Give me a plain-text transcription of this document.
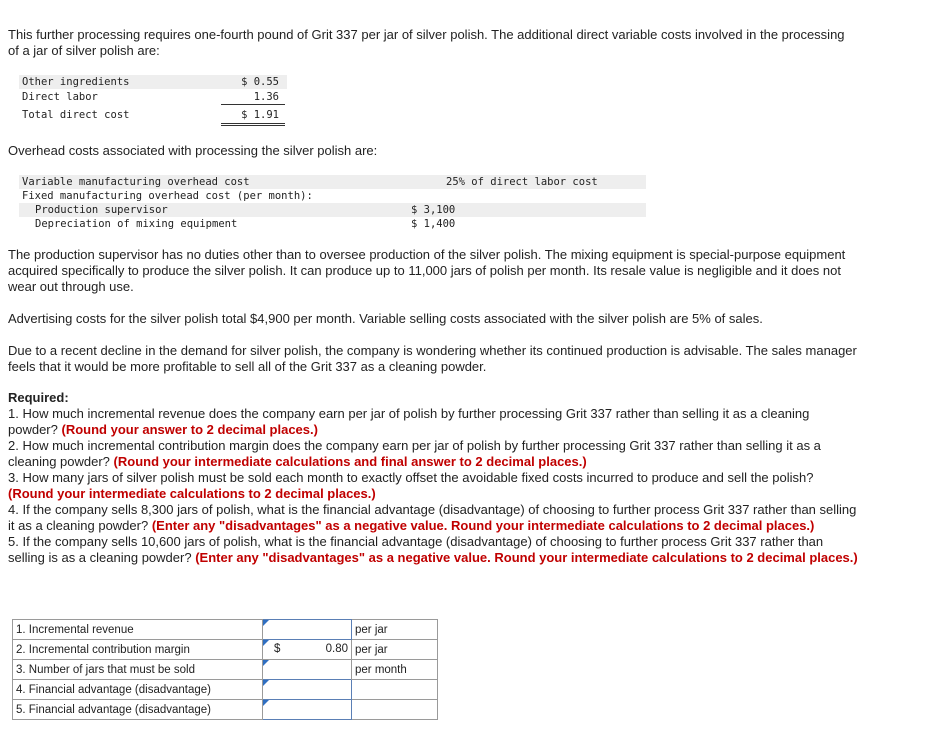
This further processing requires one-fourth pound of Grit 337 per jar of silver polish. The additional direct variable costs involved in the processing of a jar of silver polish are:

Other ingredients	$ 0.55
Direct labor	1.36
Total direct cost	$ 1.91

Overhead costs associated with processing the silver polish are:

Variable manufacturing overhead cost	25% of direct labor cost
Fixed manufacturing overhead cost (per month):
Production supervisor	$ 3,100
Depreciation of mixing equipment	$ 1,400

The production supervisor has no duties other than to oversee production of the silver polish. The mixing equipment is special-purpose equipment acquired specifically to produce the silver polish. It can produce up to 11,000 jars of polish per month. Its resale value is negligible and it does not wear out through use.

Advertising costs for the silver polish total $4,900 per month. Variable selling costs associated with the silver polish are 5% of sales.

Due to a recent decline in the demand for silver polish, the company is wondering whether its continued production is advisable. The sales manager feels that it would be more profitable to sell all of the Grit 337 as a cleaning powder.

Required:
1. How much incremental revenue does the company earn per jar of polish by further processing Grit 337 rather than selling it as a cleaning powder? (Round your answer to 2 decimal places.)
2. How much incremental contribution margin does the company earn per jar of polish by further processing Grit 337 rather than selling it as a cleaning powder? (Round your intermediate calculations and final answer to 2 decimal places.)
3. How many jars of silver polish must be sold each month to exactly offset the avoidable fixed costs incurred to produce and sell the polish? (Round your intermediate calculations to 2 decimal places.)
4. If the company sells 8,300 jars of polish, what is the financial advantage (disadvantage) of choosing to further process Grit 337 rather than selling it as a cleaning powder? (Enter any "disadvantages" as a negative value. Round your intermediate calculations to 2 decimal places.)
5. If the company sells 10,600 jars of polish, what is the financial advantage (disadvantage) of choosing to further process Grit 337 rather than selling is as a cleaning powder? (Enter any "disadvantages" as a negative value. Round your intermediate calculations to 2 decimal places.)
1. Incremental revenue		per jar
2. Incremental contribution margin	$ 0.80	per jar
3. Number of jars that must be sold		per month
4. Financial advantage (disadvantage)	

5. Financial advantage (disadvantage)	
